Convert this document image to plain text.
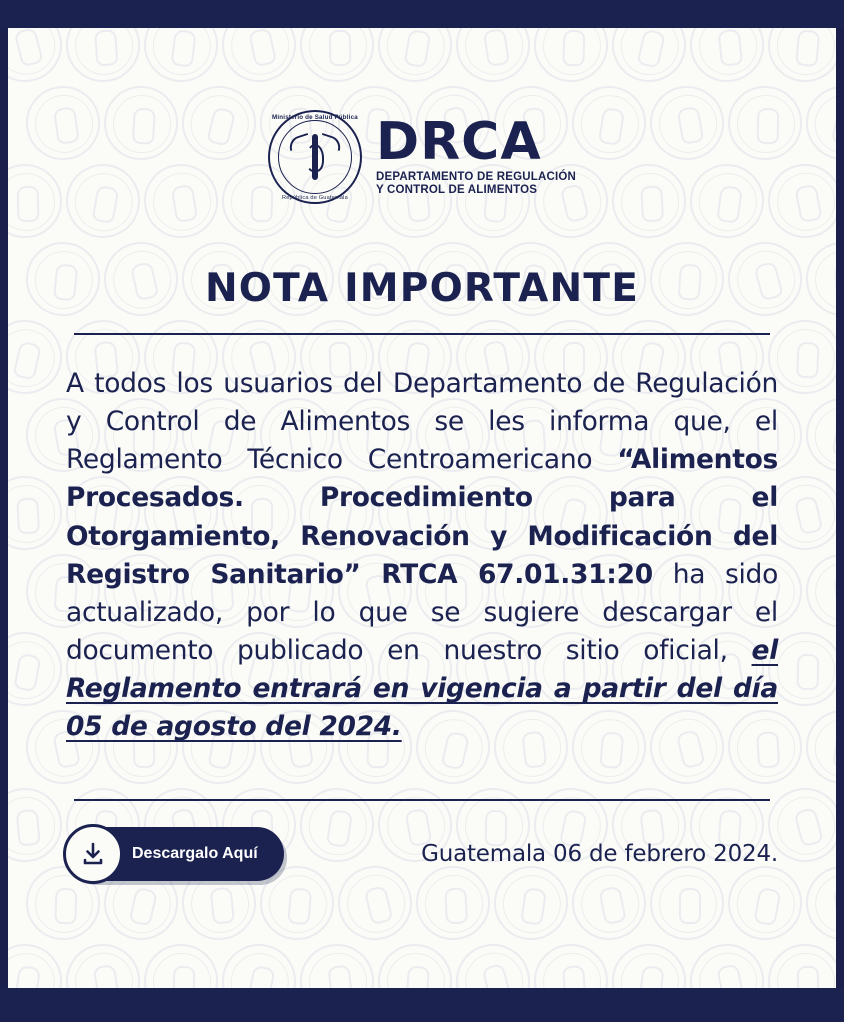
Ministerio de Salud Pública
República de Guatemala
DRCA
DEPARTAMENTO DE REGULACIÓN
Y CONTROL DE ALIMENTOS
NOTA IMPORTANTE

A todos los usuarios del Departamento de Regulación y Control de Alimentos se les informa que, el Reglamento Técnico Centroamericano “Alimentos Procesados. Procedimiento para el Otorgamiento, Renovación y Modificación del Registro Sanitario” RTCA 67.01.31:20 ha sido actualizado, por lo que se sugiere descargar el documento publicado en nuestro sitio oficial, el Reglamento entrará en vigencia a partir del día 05 de agosto del 2024.

Descargalo Aquí	Guatemala 06 de febrero 2024.
